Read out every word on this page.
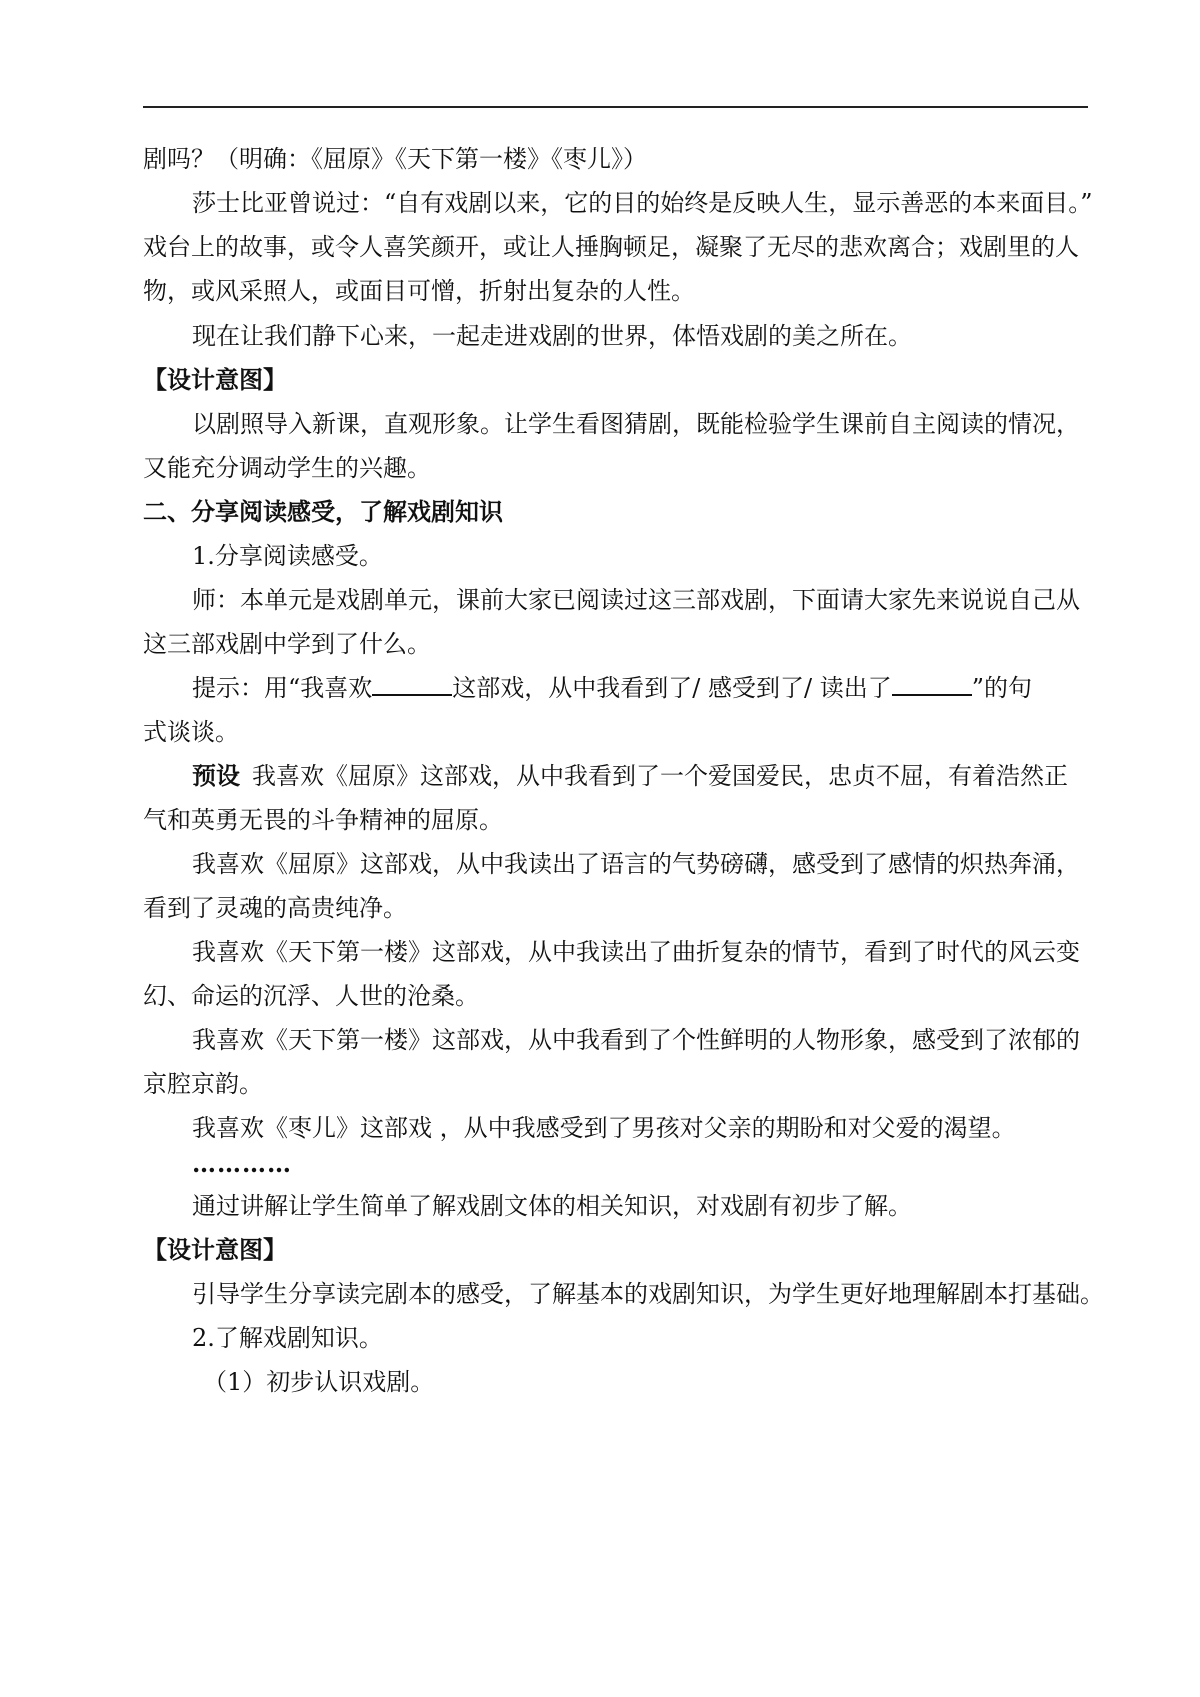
剧吗？（明确：《屈原》《天下第一楼》《枣儿》）
莎士比亚曾说过：“自有戏剧以来，它的目的始终是反映人生，显示善恶的本来面目。”
戏台上的故事，或令人喜笑颜开，或让人捶胸顿足，凝聚了无尽的悲欢离合；戏剧里的人
物，或风采照人，或面目可憎，折射出复杂的人性。
现在让我们静下心来，一起走进戏剧的世界，体悟戏剧的美之所在。
【设计意图】
以剧照导入新课，直观形象。让学生看图猜剧，既能检验学生课前自主阅读的情况，
又能充分调动学生的兴趣。
二、分享阅读感受，了解戏剧知识
1.分享阅读感受。
师：本单元是戏剧单元，课前大家已阅读过这三部戏剧，下面请大家先来说说自己从
这三部戏剧中学到了什么。
提示：用“我喜欢	这部戏，从中我看到了/ 感受到了/ 读出了	”的句
式谈谈。
预设 我喜欢《屈原》这部戏，从中我看到了一个爱国爱民，忠贞不屈，有着浩然正
气和英勇无畏的斗争精神的屈原。
我喜欢《屈原》这部戏，从中我读出了语言的气势磅礴，感受到了感情的炽热奔涌，
看到了灵魂的高贵纯净。
我喜欢《天下第一楼》这部戏，从中我读出了曲折复杂的情节，看到了时代的风云变
幻、命运的沉浮、人世的沧桑。
我喜欢《天下第一楼》这部戏，从中我看到了个性鲜明的人物形象，感受到了浓郁的
京腔京韵。
我喜欢《枣儿》这部戏 ，从中我感受到了男孩对父亲的期盼和对父爱的渴望。
…………
通过讲解让学生简单了解戏剧文体的相关知识，对戏剧有初步了解。
【设计意图】
引导学生分享读完剧本的感受，了解基本的戏剧知识，为学生更好地理解剧本打基础。
2.了解戏剧知识。
（1）初步认识戏剧。
